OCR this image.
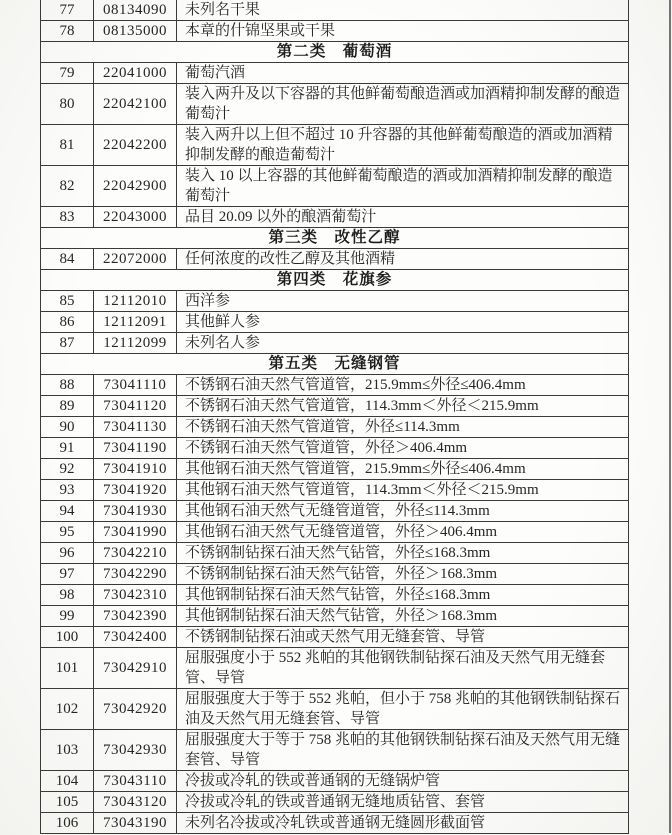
77	08134090	未列名干果
78	08135000	本章的什锦坚果或干果
第二类　葡萄酒		
79	22041000	葡萄汽酒
80	22042100	装入两升及以下容器的其他鲜葡萄酿造酒或加酒精抑制发酵的酿造葡萄汁
81	22042200	装入两升以上但不超过 10 升容器的其他鲜葡萄酿造的酒或加酒精抑制发酵的酿造葡萄汁
82	22042900	装入 10 以上容器的其他鲜葡萄酿造的酒或加酒精抑制发酵的酿造葡萄汁
83	22043000	品目 20.09 以外的酿酒葡萄汁
第三类　改性乙醇		
84	22072000	任何浓度的改性乙醇及其他酒精
第四类　花旗参		
85	12112010	西洋参
86	12112091	其他鲜人参
87	12112099	未列名人参
第五类　无缝钢管		
88	73041110	不锈钢石油天然气管道管，215.9mm≤外径≤406.4mm
89	73041120	不锈钢石油天然气管道管，114.3mm＜外径＜215.9mm
90	73041130	不锈钢石油天然气管道管，外径≤114.3mm
91	73041190	不锈钢石油天然气管道管，外径＞406.4mm
92	73041910	其他钢石油天然气管道管，215.9mm≤外径≤406.4mm
93	73041920	其他钢石油天然气管道管，114.3mm＜外径＜215.9mm
94	73041930	其他钢石油天然气无缝管道管，外径≤114.3mm
95	73041990	其他钢石油天然气无缝管道管，外径＞406.4mm
96	73042210	不锈钢制钻探石油天然气钻管，外径≤168.3mm
97	73042290	不锈钢制钻探石油天然气钻管，外径＞168.3mm
98	73042310	其他钢制钻探石油天然气钻管，外径≤168.3mm
99	73042390	其他钢制钻探石油天然气钻管，外径＞168.3mm
100	73042400	不锈钢制钻探石油或天然气用无缝套管、导管
101	73042910	屈服强度小于 552 兆帕的其他钢铁制钻探石油及天然气用无缝套管、导管
102	73042920	屈服强度大于等于 552 兆帕，但小于 758 兆帕的其他钢铁制钻探石油及天然气用无缝套管、导管
103	73042930	屈服强度大于等于 758 兆帕的其他钢铁制钻探石油及天然气用无缝套管、导管
104	73043110	冷拔或冷轧的铁或普通钢的无缝锅炉管
105	73043120	冷拔或冷轧的铁或普通钢无缝地质钻管、套管
106	73043190	未列名冷拔或冷轧铁或普通钢无缝圆形截面管
